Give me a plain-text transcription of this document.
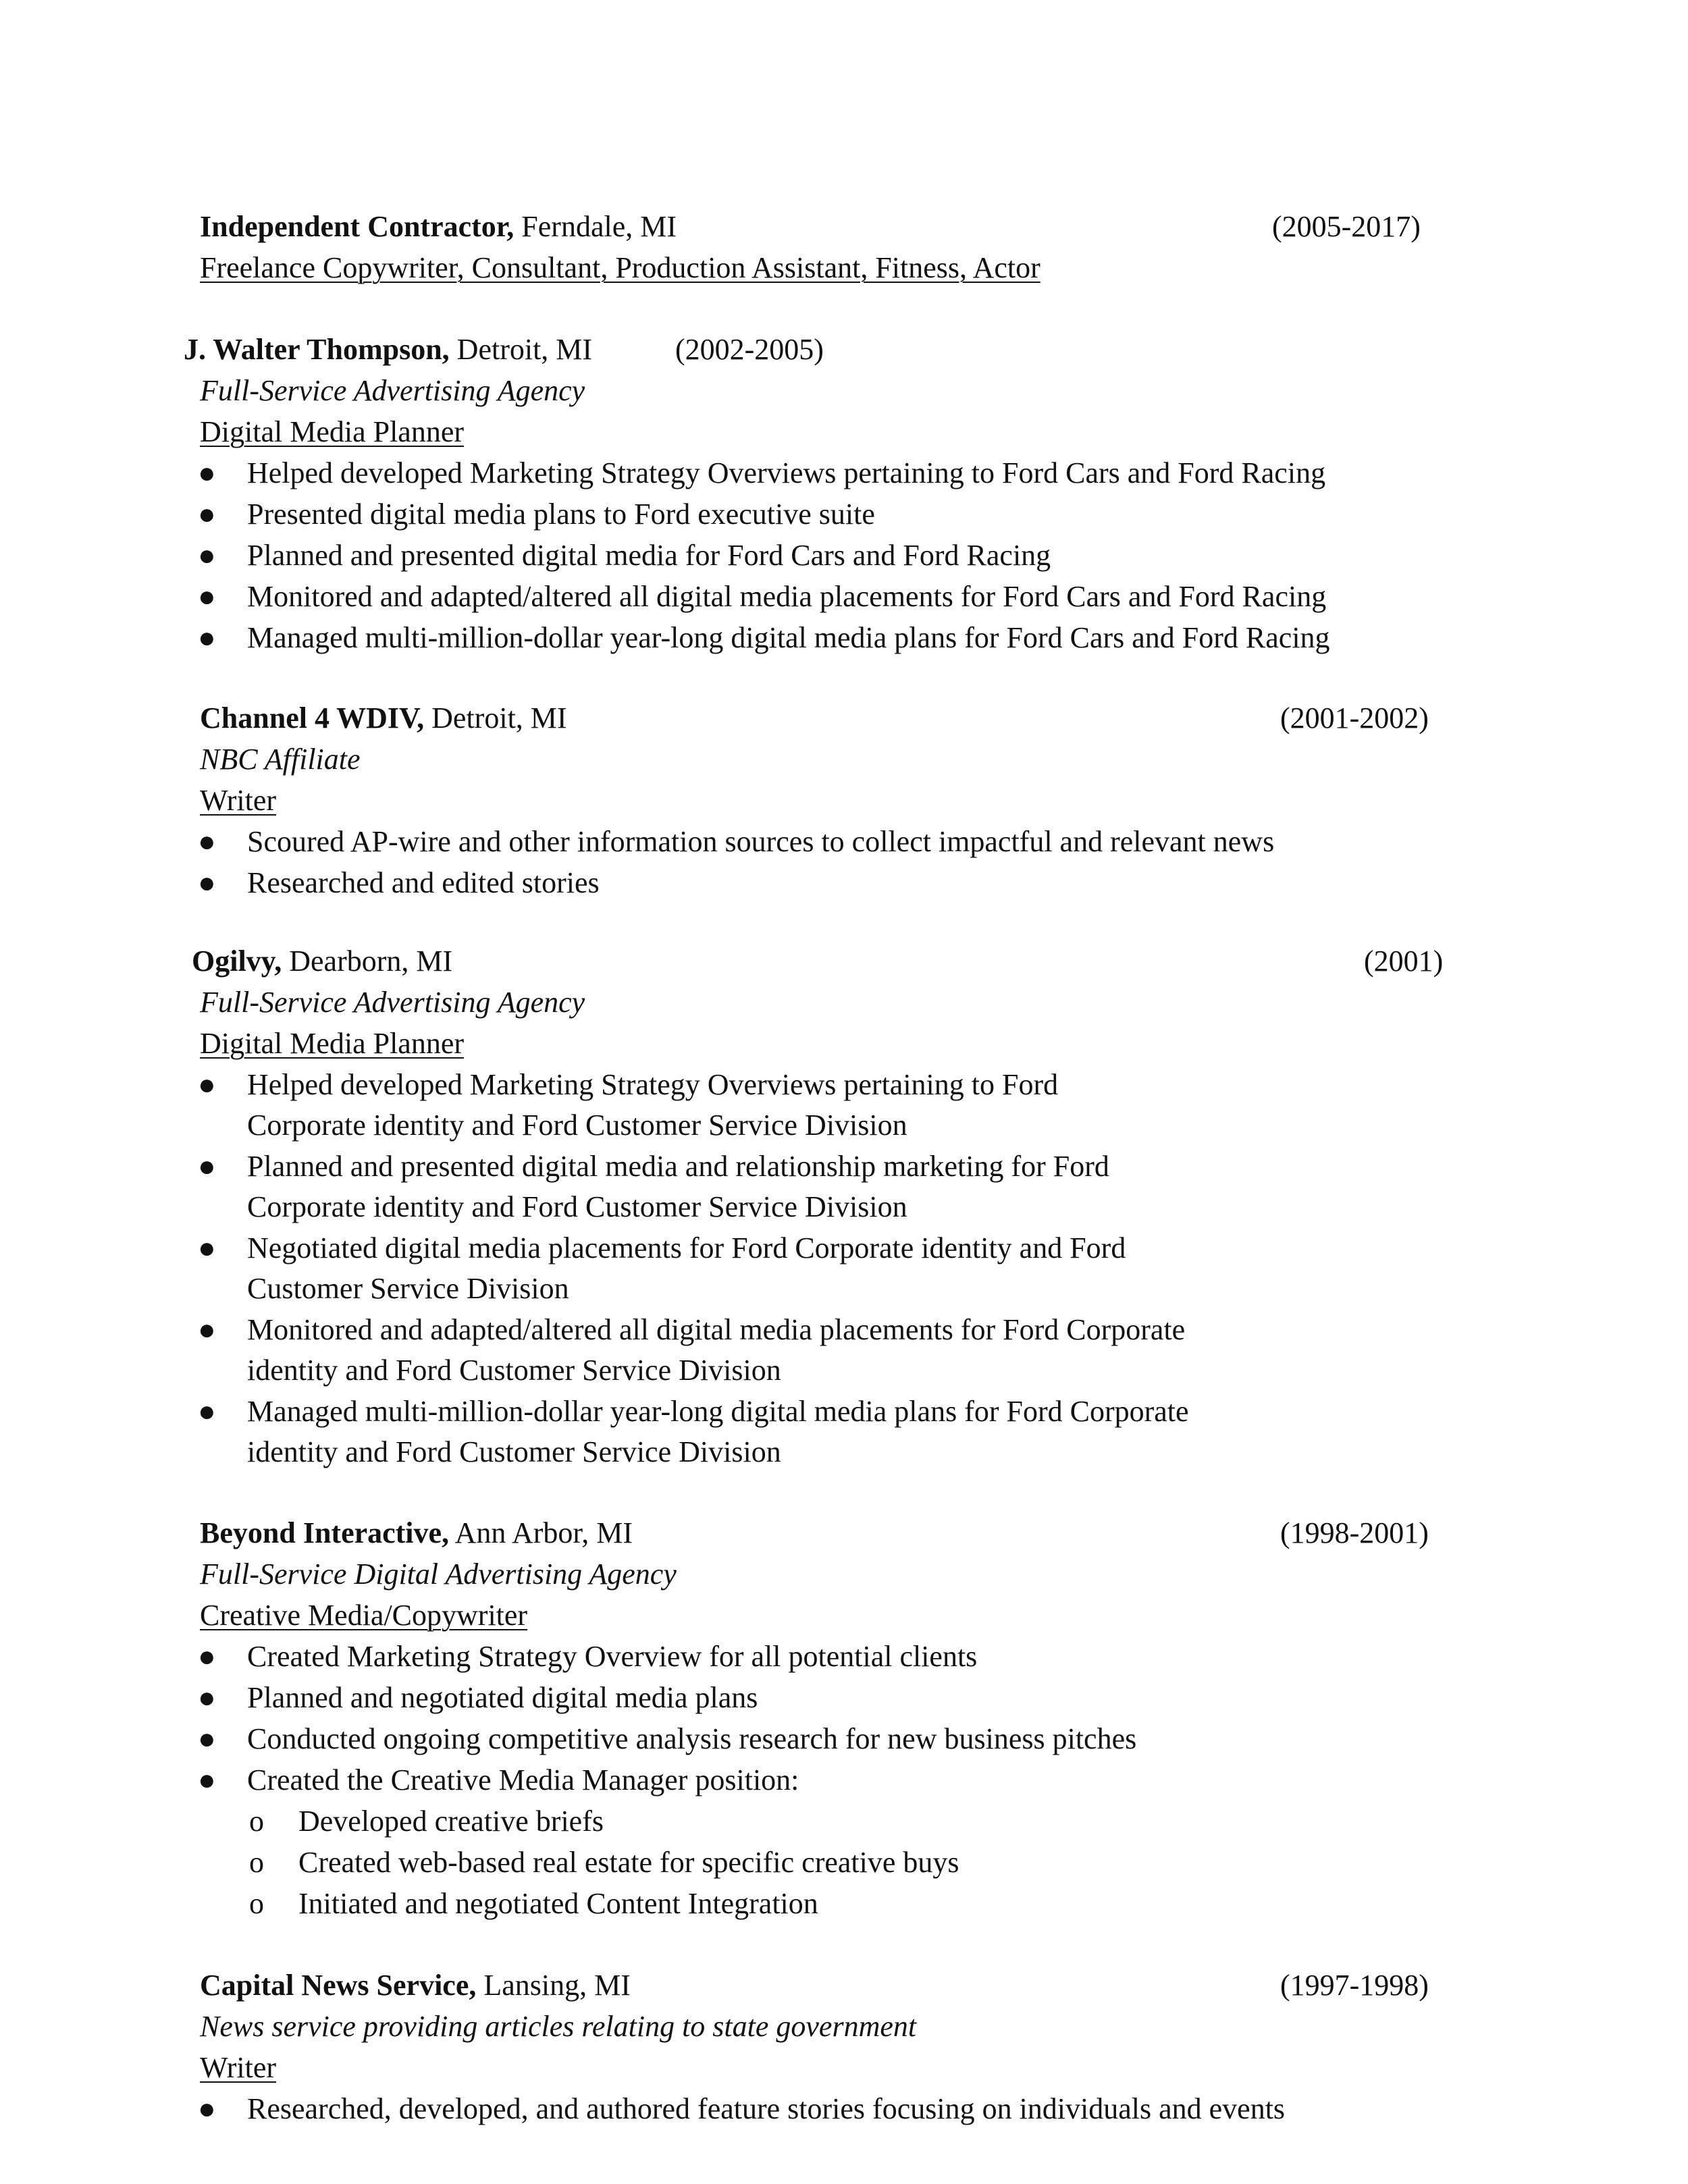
Independent Contractor, Ferndale, MI	(2005-2017)
Freelance Copywriter, Consultant, Production Assistant, Fitness, Actor
J. Walter Thompson, Detroit, MI	(2002-2005)
Full-Service Advertising Agency
Digital Media Planner
●	Helped developed Marketing Strategy Overviews pertaining to Ford Cars and Ford Racing
●	Presented digital media plans to Ford executive suite
●	Planned and presented digital media for Ford Cars and Ford Racing
●	Monitored and adapted/altered all digital media placements for Ford Cars and Ford Racing
●	Managed multi-million-dollar year-long digital media plans for Ford Cars and Ford Racing
Channel 4 WDIV, Detroit, MI	(2001-2002)
NBC Affiliate
Writer
●	Scoured AP-wire and other information sources to collect impactful and relevant news
●	Researched and edited stories
Ogilvy, Dearborn, MI	(2001)
Full-Service Advertising Agency
Digital Media Planner
●	Helped developed Marketing Strategy Overviews pertaining to Ford
Corporate identity and Ford Customer Service Division
●	Planned and presented digital media and relationship marketing for Ford
Corporate identity and Ford Customer Service Division
●	Negotiated digital media placements for Ford Corporate identity and Ford
Customer Service Division
●	Monitored and adapted/altered all digital media placements for Ford Corporate
identity and Ford Customer Service Division
●	Managed multi-million-dollar year-long digital media plans for Ford Corporate
identity and Ford Customer Service Division
Beyond Interactive, Ann Arbor, MI	(1998-2001)
Full-Service Digital Advertising Agency
Creative Media/Copywriter
●	Created Marketing Strategy Overview for all potential clients
●	Planned and negotiated digital media plans
●	Conducted ongoing competitive analysis research for new business pitches
●	Created the Creative Media Manager position:
o Developed creative briefs
o Created web-based real estate for specific creative buys
o Initiated and negotiated Content Integration
Capital News Service, Lansing, MI	(1997-1998)
News service providing articles relating to state government
Writer
●	Researched, developed, and authored feature stories focusing on individuals and events
